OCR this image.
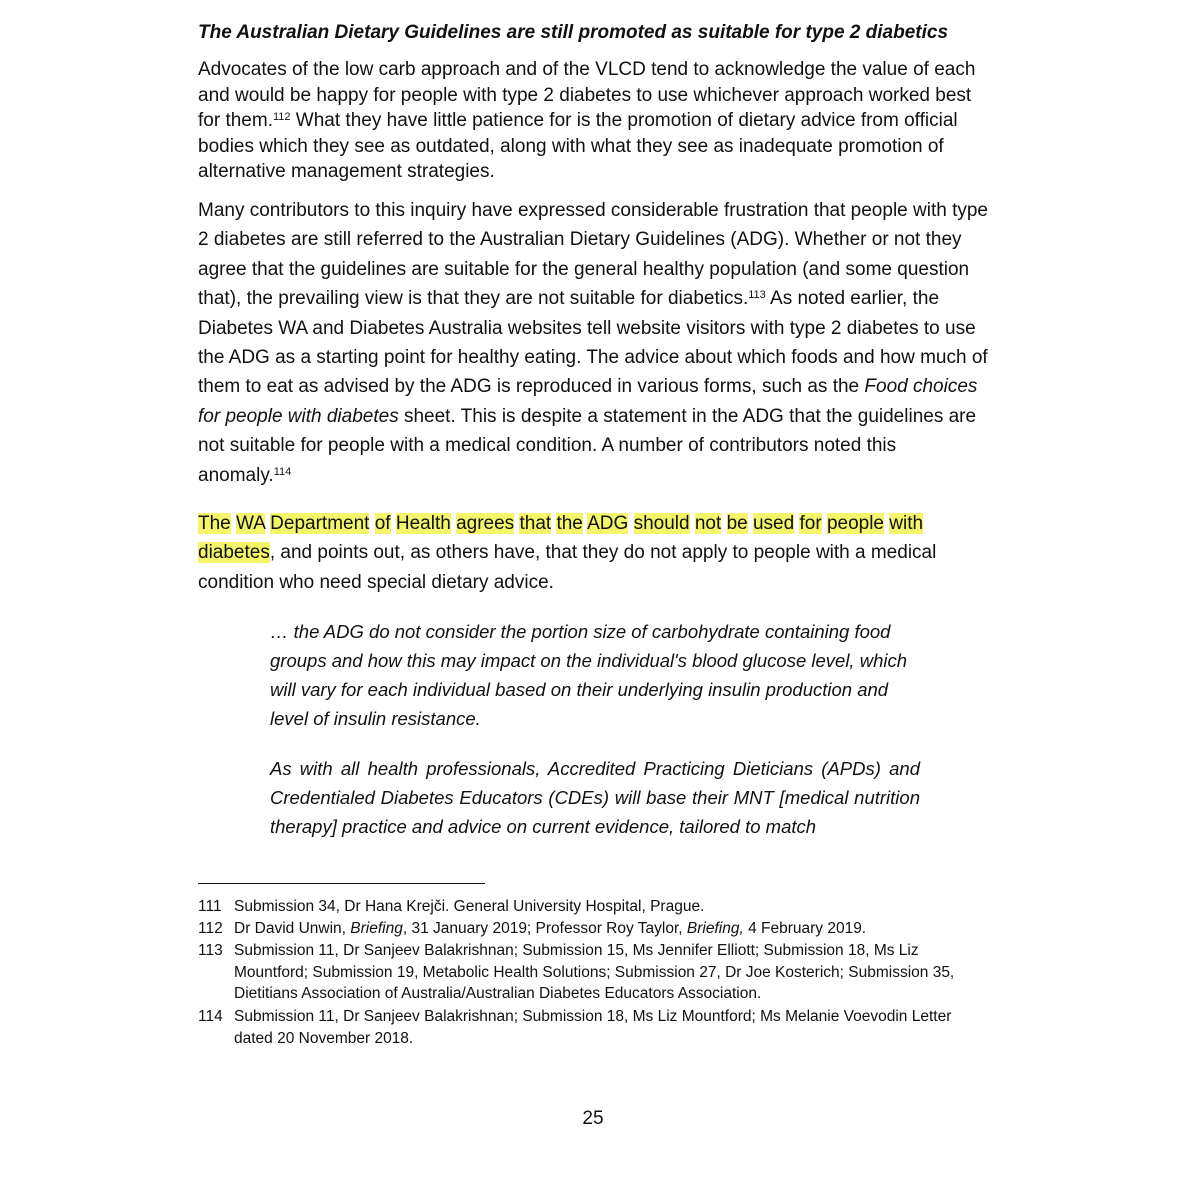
The Australian Dietary Guidelines are still promoted as suitable for type 2 diabetics

Advocates of the low carb approach and of the VLCD tend to acknowledge the value of each and would be happy for people with type 2 diabetes to use whichever approach worked best for them.$^{112}$ What they have little patience for is the promotion of dietary advice from official bodies which they see as outdated, along with what they see as inadequate promotion of alternative management strategies.

Many contributors to this inquiry have expressed considerable frustration that people with type 2 diabetes are still referred to the Australian Dietary Guidelines (ADG). Whether or not they agree that the guidelines are suitable for the general healthy population (and some question that), the prevailing view is that they are not suitable for diabetics.$^{113}$ As noted earlier, the Diabetes WA and Diabetes Australia websites tell website visitors with type 2 diabetes to use the ADG as a starting point for healthy eating. The advice about which foods and how much of them to eat as advised by the ADG is reproduced in various forms, such as the Food choices for people with diabetes sheet. This is despite a statement in the ADG that the guidelines are not suitable for people with a medical condition. A number of contributors noted this anomaly.$^{114}$

The WA Department of Health agrees that the ADG should not be used for people with diabetes, and points out, as others have, that they do not apply to people with a medical condition who need special dietary advice.

… the ADG do not consider the portion size of carbohydrate containing food groups and how this may impact on the individual's blood glucose level, which will vary for each individual based on their underlying insulin production and level of insulin resistance.

As with all health professionals, Accredited Practicing Dieticians (APDs) and Credentialed Diabetes Educators (CDEs) will base their MNT [medical nutrition therapy] practice and advice on current evidence, tailored to match

111 Submission 34, Dr Hana Krejči. General University Hospital, Prague.
112 Dr David Unwin, Briefing, 31 January 2019; Professor Roy Taylor, Briefing, 4 February 2019.
113 Submission 11, Dr Sanjeev Balakrishnan; Submission 15, Ms Jennifer Elliott; Submission 18, Ms Liz Mountford; Submission 19, Metabolic Health Solutions; Submission 27, Dr Joe Kosterich; Submission 35, Dietitians Association of Australia/Australian Diabetes Educators Association.
114 Submission 11, Dr Sanjeev Balakrishnan; Submission 18, Ms Liz Mountford; Ms Melanie Voevodin Letter dated 20 November 2018.
25
